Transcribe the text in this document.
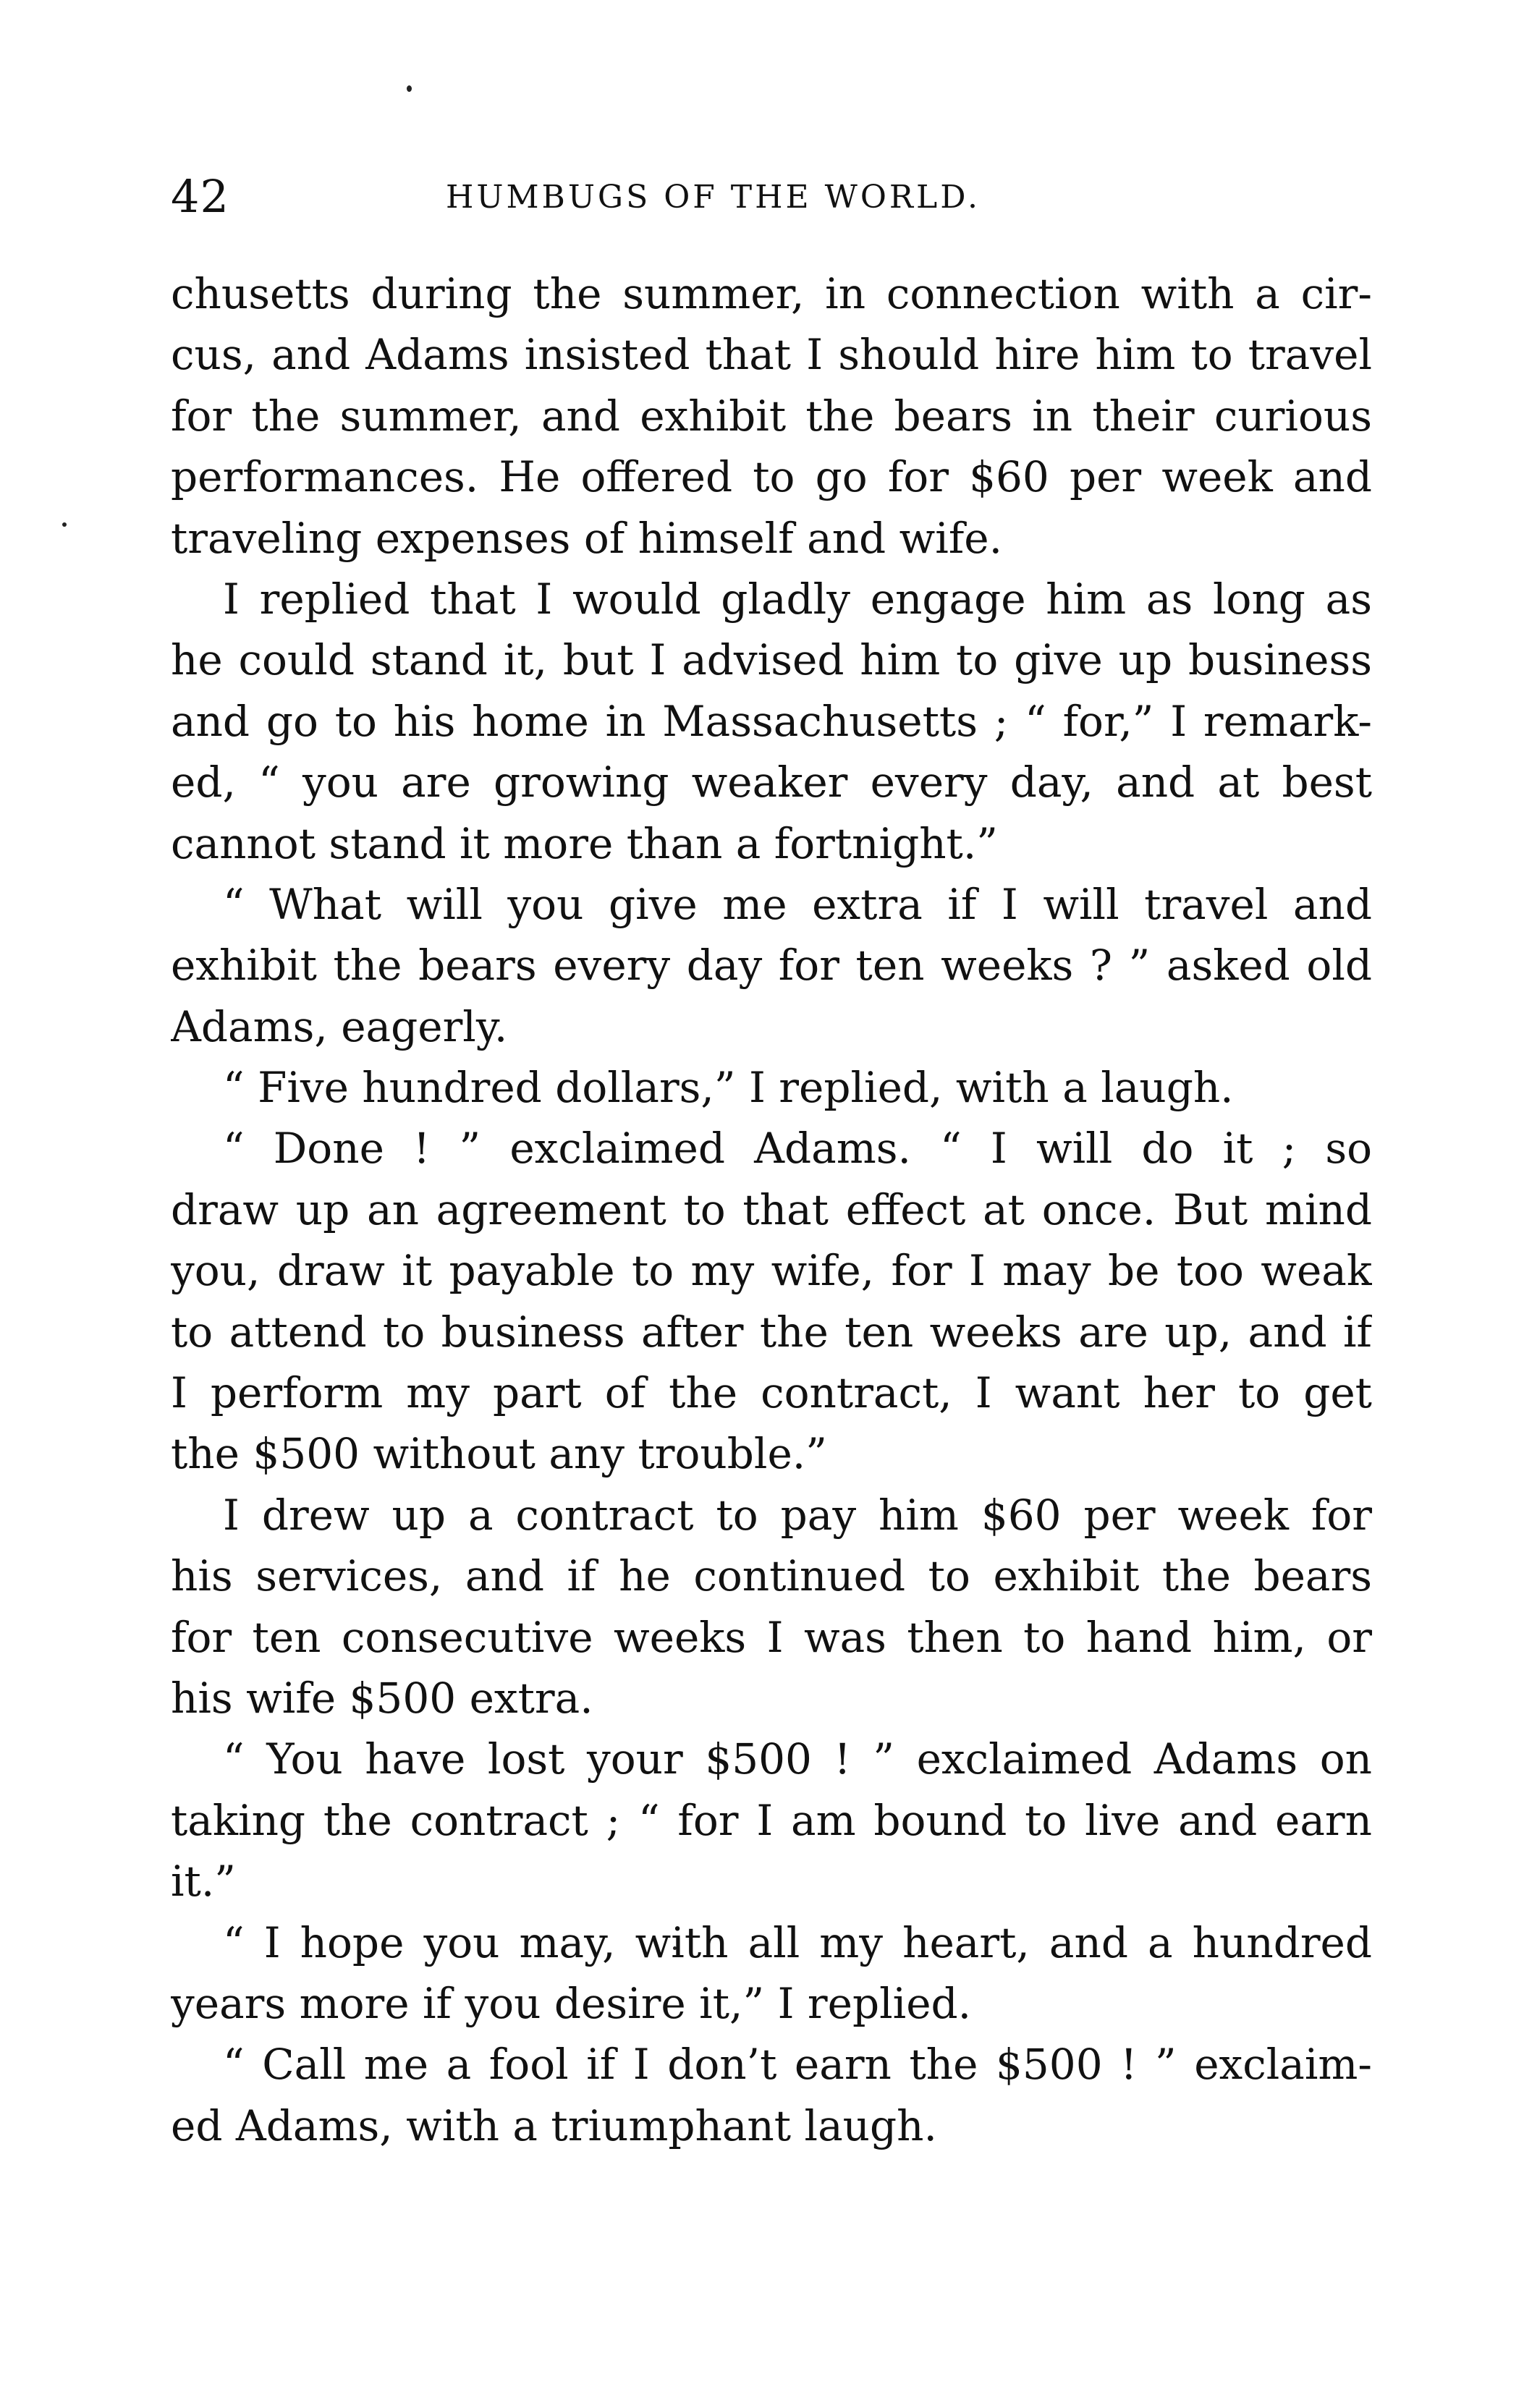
42	HUMBUGS OF THE WORLD.
chusetts during the summer, in connection with a cir-
cus, and Adams insisted that I should hire him to travel
for the summer, and exhibit the bears in their curious
performances. He offered to go for $60 per week and
traveling expenses of himself and wife.
I replied that I would gladly engage him as long as
he could stand it, but I advised him to give up business
and go to his home in Massachusetts ; “ for,” I remark-
ed, “ you are growing weaker every day, and at best
cannot stand it more than a fortnight.”
“ What will you give me extra if I will travel and
exhibit the bears every day for ten weeks ? ” asked old
Adams, eagerly.
“ Five hundred dollars,” I replied, with a laugh.
“ Done ! ” exclaimed Adams. “ I will do it ; so
draw up an agreement to that effect at once. But mind
you, draw it payable to my wife, for I may be too weak
to attend to business after the ten weeks are up, and if
I perform my part of the contract, I want her to get
the $500 without any trouble.”
I drew up a contract to pay him $60 per week for
his services, and if he continued to exhibit the bears
for ten consecutive weeks I was then to hand him, or
his wife $500 extra.
“ You have lost your $500 ! ” exclaimed Adams on
taking the contract ; “ for I am bound to live and earn
it.”
“ I hope you may, with all my heart, and a hundred
years more if you desire it,” I replied.
“ Call me a fool if I don’t earn the $500 ! ” exclaim-
ed Adams, with a triumphant laugh.
